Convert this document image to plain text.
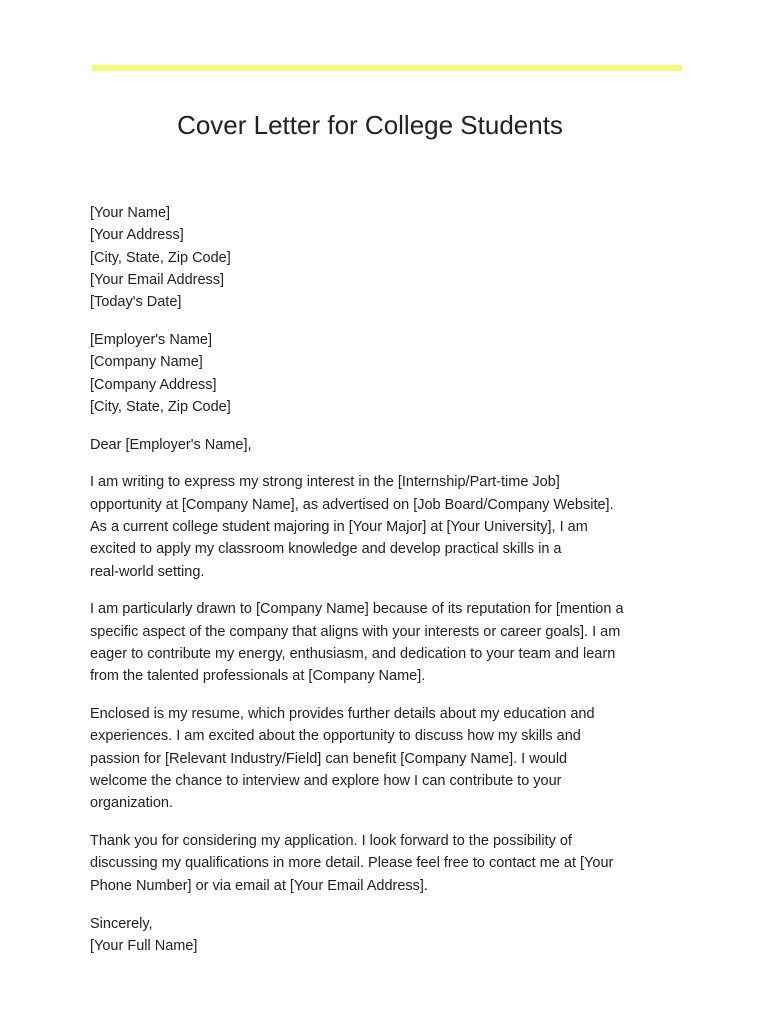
Cover Letter for College Students
[Your Name]
[Your Address]
[City, State, Zip Code]
[Your Email Address]
[Today's Date]
[Employer's Name]
[Company Name]
[Company Address]
[City, State, Zip Code]
Dear [Employer's Name],
I am writing to express my strong interest in the [Internship/Part-time Job]
opportunity at [Company Name], as advertised on [Job Board/Company Website].
As a current college student majoring in [Your Major] at [Your University], I am
excited to apply my classroom knowledge and develop practical skills in a
real-world setting.
I am particularly drawn to [Company Name] because of its reputation for [mention a
specific aspect of the company that aligns with your interests or career goals]. I am
eager to contribute my energy, enthusiasm, and dedication to your team and learn
from the talented professionals at [Company Name].
Enclosed is my resume, which provides further details about my education and
experiences. I am excited about the opportunity to discuss how my skills and
passion for [Relevant Industry/Field] can benefit [Company Name]. I would
welcome the chance to interview and explore how I can contribute to your
organization.
Thank you for considering my application. I look forward to the possibility of
discussing my qualifications in more detail. Please feel free to contact me at [Your
Phone Number] or via email at [Your Email Address].
Sincerely,
[Your Full Name]
